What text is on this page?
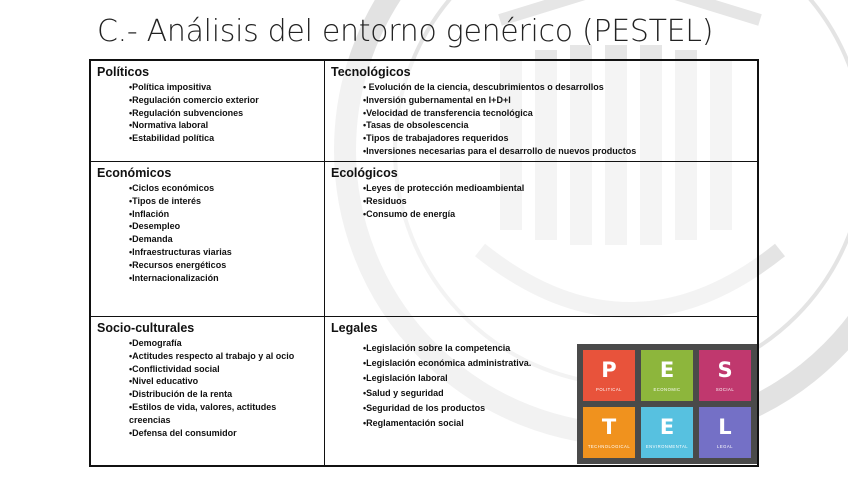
C.- Análisis del entorno genérico (PESTEL)
Políticos
• Política impositiva
• Regulación comercio exterior
• Regulación subvenciones
• Normativa laboral
• Estabilidad política
Tecnológicos
• Evolución de la ciencia, descubrimientos o desarrollos
• Inversión gubernamental en I+D+I
• Velocidad de transferencia tecnológica
• Tasas de obsolescencia
• Tipos de trabajadores requeridos
• Inversiones necesarias para el desarrollo de nuevos productos
Económicos
• Ciclos económicos
• Tipos de interés
• Inflación
• Desempleo
• Demanda
• Infraestructuras viarias
• Recursos energéticos
• Internacionalización
Ecológicos
• Leyes de protección medioambiental
• Residuos
• Consumo de energía
Socio-culturales
• Demografía
• Actitudes respecto al trabajo y al ocio
• Conflictividad social
• Nivel educativo
• Distribución de la renta
• Estilos de vida, valores, actitudes creencias
• Defensa del consumidor
Legales
• Legislación sobre la competencia
• Legislación económica administrativa.
• Legislación laboral
• Salud y seguridad
• Seguridad de los productos
• Reglamentación social
P
POLITICAL
E
ECONOMIC
S
SOCIAL
T
TECHNOLOGICAL
E
ENVIRONMENTAL
L
LEGAL
